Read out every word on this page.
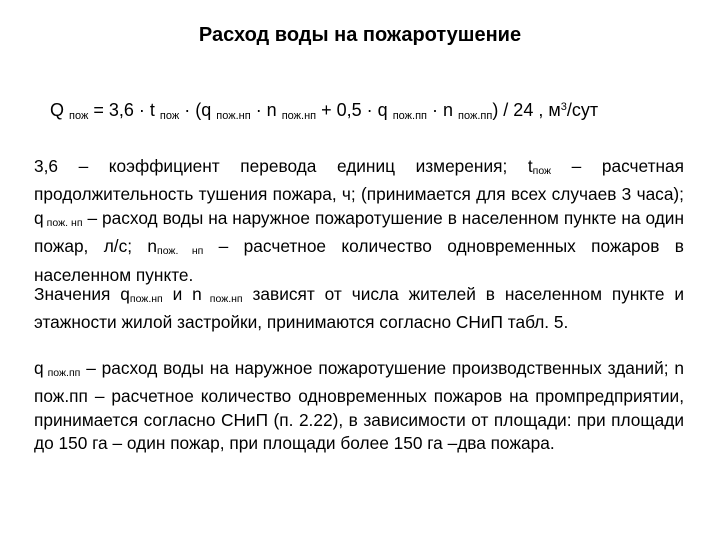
Расход воды на пожаротушение
Q $_{пож}$ = 3,6 · t $_{пож}$ · (q $_{пож.нп}$ · n $_{пож.нп}$ + 0,5 · q $_{пож.пп}$ · n $_{пож.пп}$) / 24 , $м^3$/сут
3,6 – коэффициент перевода единиц измерения; $t_{пож}$ – расчетная продолжительность тушения пожара, ч; (принимается для всех случаев 3 часа); q $_{пож. нп}$ – расход воды на наружное пожаротушение в населенном пункте на один пожар, л/с; $n_{пож. нп}$ – расчетное количество одновременных пожаров в населенном пункте.
Значения $q_{пож.нп}$ и n $_{пож.нп}$ зависят от числа жителей в населенном пункте и этажности жилой застройки, принимаются согласно СНиП табл. 5.
q $_{пож.пп}$ – расход воды на наружное пожаротушение производственных зданий; n пож.пп – расчетное количество одновременных пожаров на промпредприятии, принимается согласно СНиП (п. 2.22), в зависимости от площади: при площади до 150 га – один пожар, при площади более 150 га –два пожара.
